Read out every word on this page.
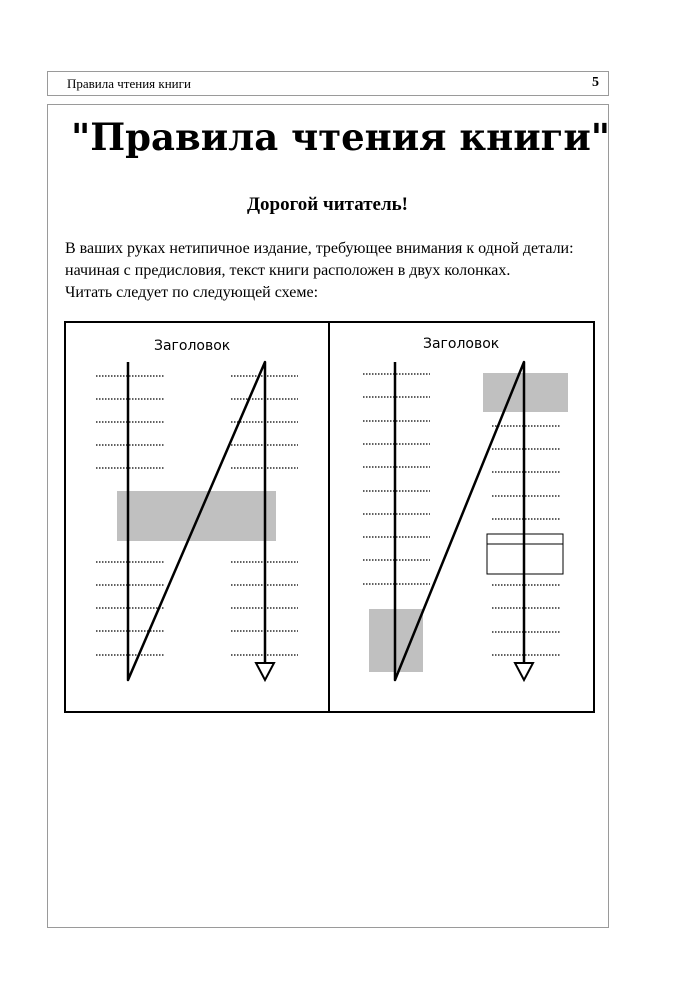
Правила чтения книги	5
"Правила чтения книги"
Дорогой читатель!
В ваших руках нетипичное издание, требующее внимания к одной детали:
начиная с предисловия, текст книги расположен в двух колонках.
Читать следует по следующей схеме:
Заголовок	Заголовок
